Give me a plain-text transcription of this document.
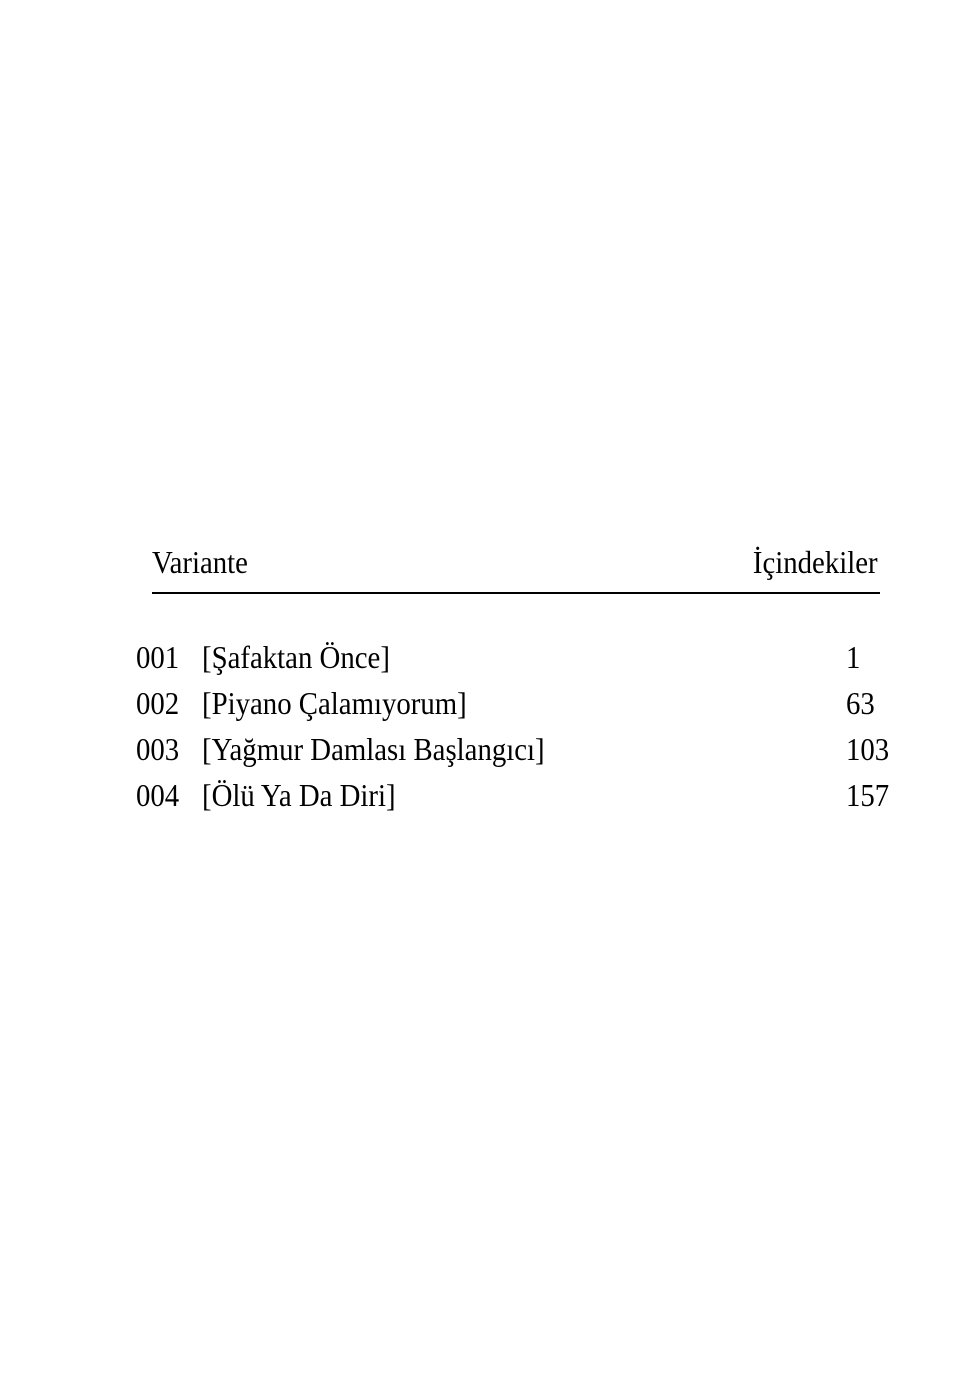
Variante	İçindekiler
001 [Şafaktan Önce]	1
002 [Piyano Çalamıyorum]	63
003 [Yağmur Damlası Başlangıcı]	103
004 [Ölü Ya Da Diri]	157
